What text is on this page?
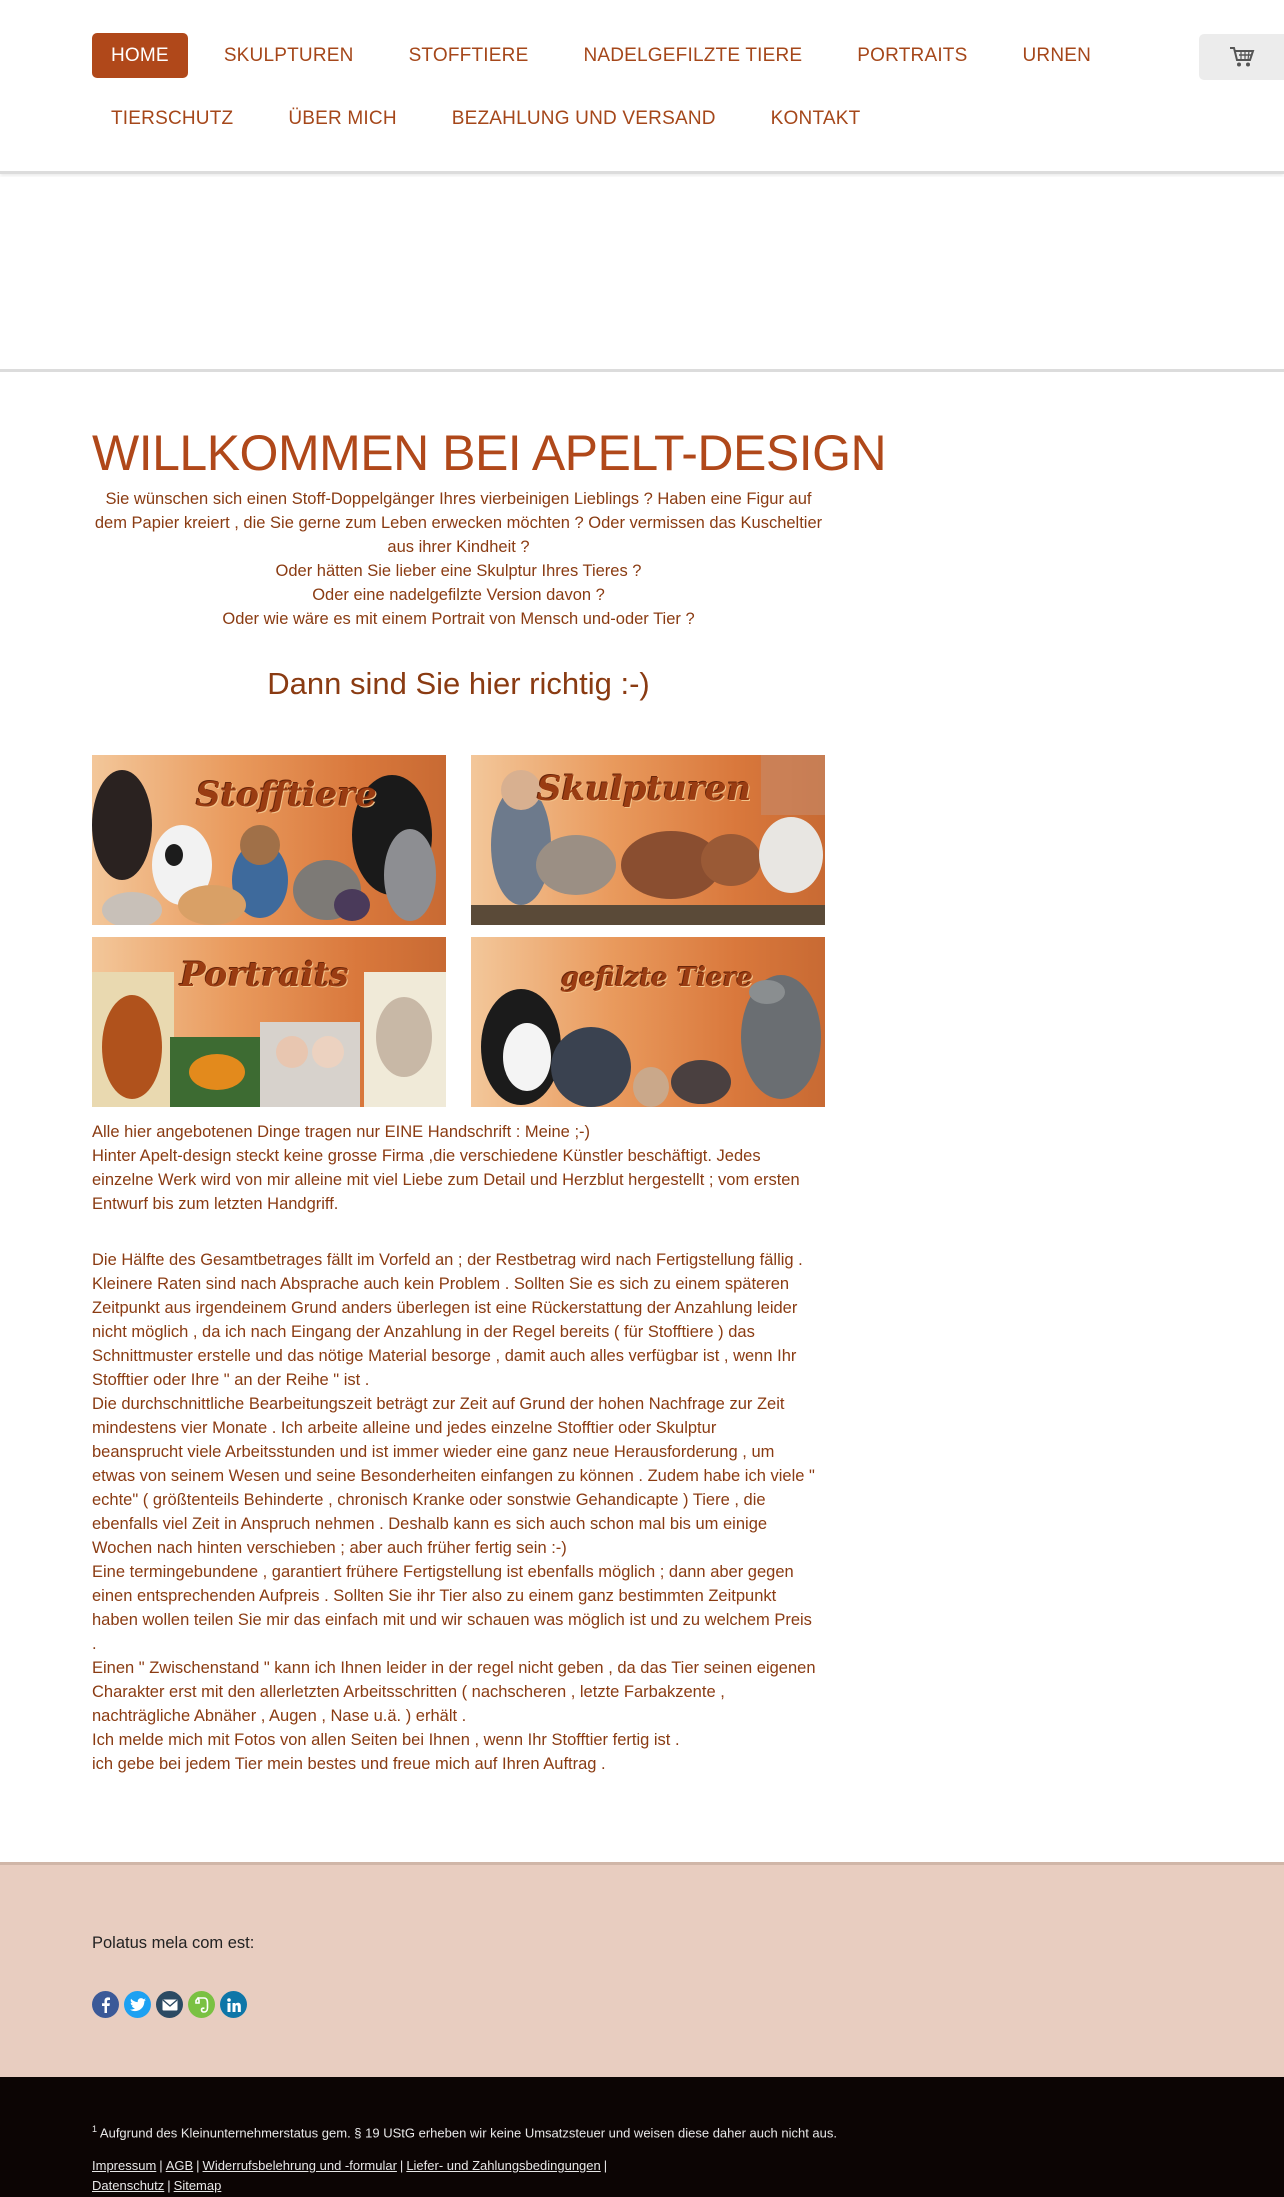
HOME	SKULPTUREN	STOFFTIERE	NADELGEFILZTE TIERE	PORTRAITS	URNEN
TIERSCHUTZ	ÜBER MICH	BEZAHLUNG UND VERSAND	KONTAKT
WILLKOMMEN BEI APELT-DESIGN
Sie wünschen sich einen Stoff-Doppelgänger Ihres vierbeinigen Lieblings ? Haben eine Figur auf
dem Papier kreiert , die Sie gerne zum Leben erwecken möchten ? Oder vermissen das Kuscheltier
aus ihrer Kindheit ?
Oder hätten Sie lieber eine Skulptur Ihres Tieres ?
Oder eine nadelgefilzte Version davon ?
Oder wie wäre es mit einem Portrait von Mensch und-oder Tier ?
Dann sind Sie hier richtig :-)
Stofftiere	Skulpturen
Portraits	gefilzte Tiere
Alle hier angebotenen Dinge tragen nur EINE Handschrift : Meine ;-)
Hinter Apelt-design steckt keine grosse Firma ,die verschiedene Künstler beschäftigt. Jedes
einzelne Werk wird von mir alleine mit viel Liebe zum Detail und Herzblut hergestellt ; vom ersten
Entwurf bis zum letzten Handgriff.
Die Hälfte des Gesamtbetrages fällt im Vorfeld an ; der Restbetrag wird nach Fertigstellung fällig .
Kleinere Raten sind nach Absprache auch kein Problem . Sollten Sie es sich zu einem späteren
Zeitpunkt aus irgendeinem Grund anders überlegen ist eine Rückerstattung der Anzahlung leider
nicht möglich , da ich nach Eingang der Anzahlung in der Regel bereits ( für Stofftiere ) das
Schnittmuster erstelle und das nötige Material besorge , damit auch alles verfügbar ist , wenn Ihr
Stofftier oder Ihre " an der Reihe " ist .
Die durchschnittliche Bearbeitungszeit beträgt zur Zeit auf Grund der hohen Nachfrage zur Zeit
mindestens vier Monate . Ich arbeite alleine und jedes einzelne Stofftier oder Skulptur
beansprucht viele Arbeitsstunden und ist immer wieder eine ganz neue Herausforderung , um
etwas von seinem Wesen und seine Besonderheiten einfangen zu können . Zudem habe ich viele "
echte" ( größtenteils Behinderte , chronisch Kranke oder sonstwie Gehandicapte ) Tiere , die
ebenfalls viel Zeit in Anspruch nehmen . Deshalb kann es sich auch schon mal bis um einige
Wochen nach hinten verschieben ; aber auch früher fertig sein :-)
Eine termingebundene , garantiert frühere Fertigstellung ist ebenfalls möglich ; dann aber gegen
einen entsprechenden Aufpreis . Sollten Sie ihr Tier also zu einem ganz bestimmten Zeitpunkt
haben wollen teilen Sie mir das einfach mit und wir schauen was möglich ist und zu welchem Preis
.
Einen " Zwischenstand " kann ich Ihnen leider in der regel nicht geben , da das Tier seinen eigenen
Charakter erst mit den allerletzten Arbeitsschritten ( nachscheren , letzte Farbakzente ,
nachträgliche Abnäher , Augen , Nase u.ä. ) erhält .
Ich melde mich mit Fotos von allen Seiten bei Ihnen , wenn Ihr Stofftier fertig ist .
ich gebe bei jedem Tier mein bestes und freue mich auf Ihren Auftrag .
Polatus mela com est:
$^1$ Aufgrund des Kleinunternehmerstatus gem. § 19 UStG erheben wir keine Umsatzsteuer und weisen diese daher auch nicht aus.
Impressum | AGB | Widerrufsbelehrung und -formular | Liefer- und Zahlungsbedingungen |
Datenschutz | Sitemap
